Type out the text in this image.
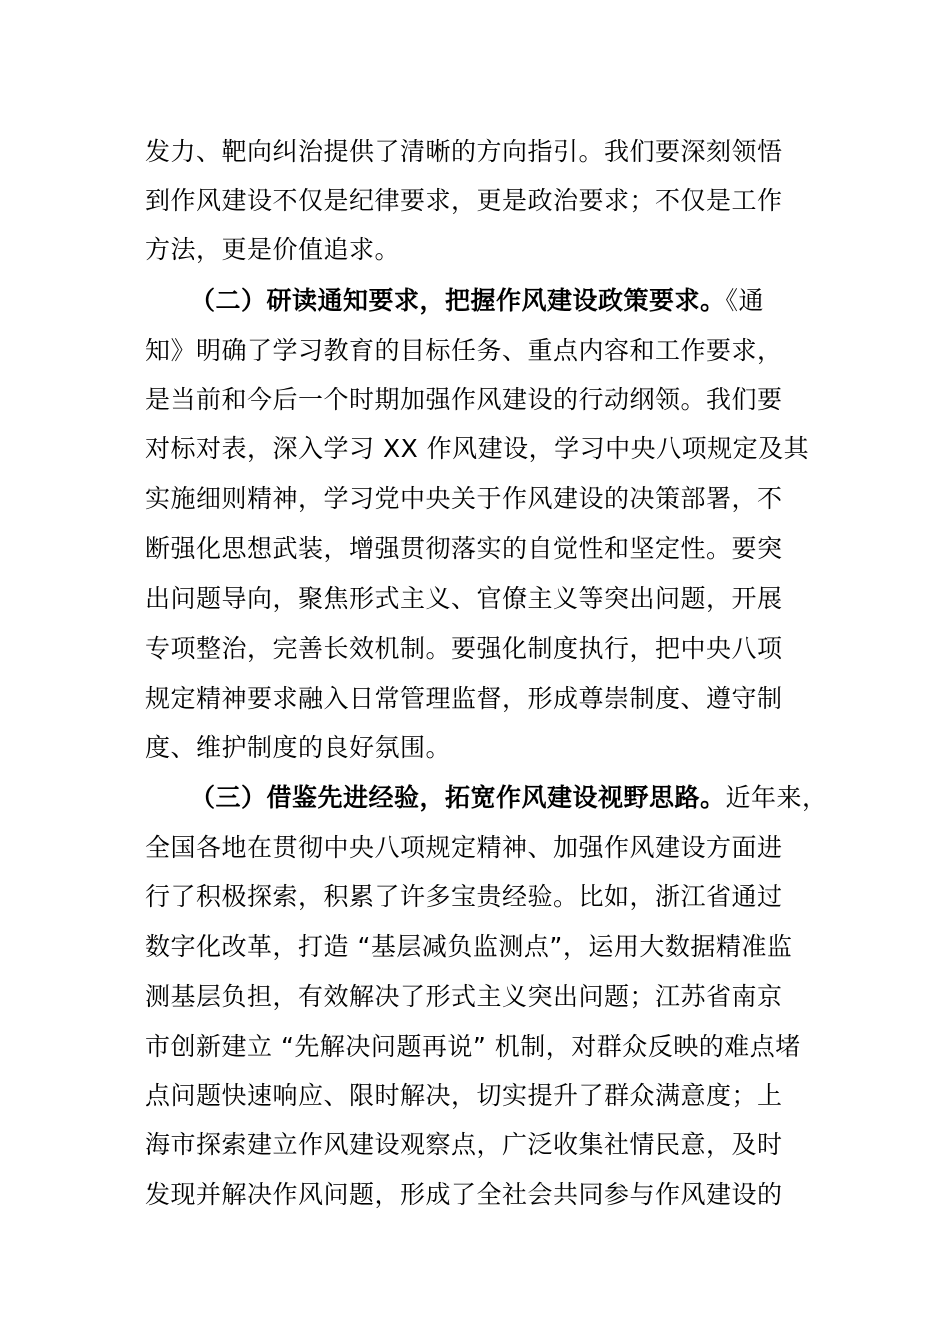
发力、靶向纠治提供了清晰的方向指引。我们要深刻领悟
到作风建设不仅是纪律要求，更是政治要求；不仅是工作
方法，更是价值追求。
（二）研读通知要求，把握作风建设政策要求。《通
知》明确了学习教育的目标任务、重点内容和工作要求，
是当前和今后一个时期加强作风建设的行动纲领。我们要
对标对表，深入学习 XX 作风建设，学习中央八项规定及其
实施细则精神，学习党中央关于作风建设的决策部署，不
断强化思想武装，增强贯彻落实的自觉性和坚定性。要突
出问题导向，聚焦形式主义、官僚主义等突出问题，开展
专项整治，完善长效机制。要强化制度执行，把中央八项
规定精神要求融入日常管理监督，形成尊崇制度、遵守制
度、维护制度的良好氛围。
（三）借鉴先进经验，拓宽作风建设视野思路。近年来，
全国各地在贯彻中央八项规定精神、加强作风建设方面进
行了积极探索，积累了许多宝贵经验。比如，浙江省通过
数字化改革，打造 “基层减负监测点”，运用大数据精准监
测基层负担，有效解决了形式主义突出问题；江苏省南京
市创新建立 “先解决问题再说” 机制，对群众反映的难点堵
点问题快速响应、限时解决，切实提升了群众满意度；上
海市探索建立作风建设观察点，广泛收集社情民意，及时
发现并解决作风问题，形成了全社会共同参与作风建设的
